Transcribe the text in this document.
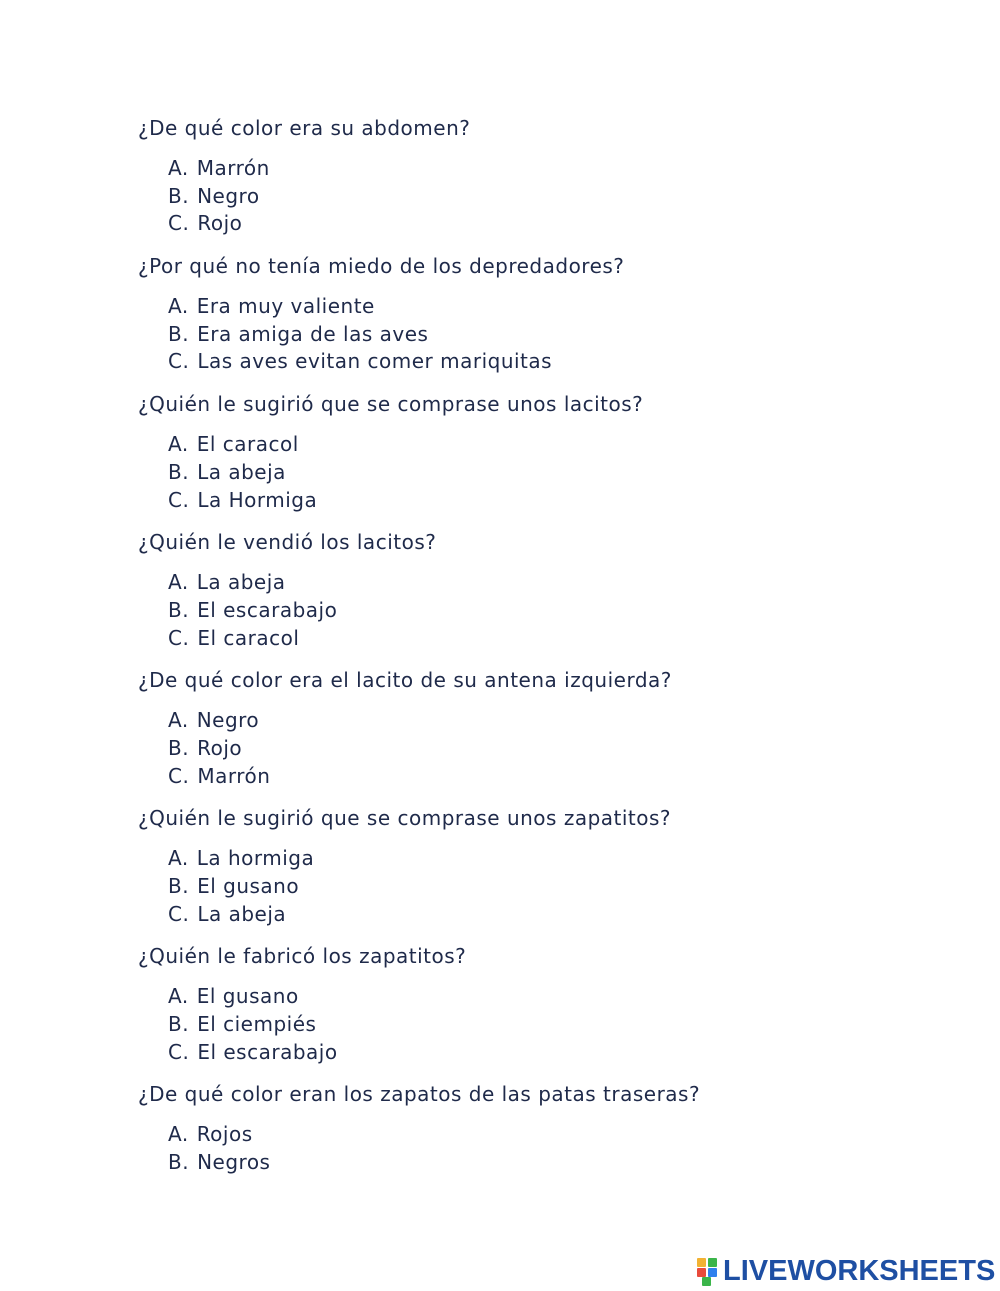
¿De qué color era su abdomen?
A. Marrón
B. Negro
C. Rojo
¿Por qué no tenía miedo de los depredadores?
A. Era muy valiente
B. Era amiga de las aves
C. Las aves evitan comer mariquitas
¿Quién le sugirió que se comprase unos lacitos?
A. El caracol
B. La abeja
C. La Hormiga
¿Quién le vendió los lacitos?
A. La abeja
B. El escarabajo
C. El caracol
¿De qué color era el lacito de su antena izquierda?
A. Negro
B. Rojo
C. Marrón
¿Quién le sugirió que se comprase unos zapatitos?
A. La hormiga
B. El gusano
C. La abeja
¿Quién le fabricó los zapatitos?
A. El gusano
B. El ciempiés
C. El escarabajo
¿De qué color eran los zapatos de las patas traseras?
A. Rojos
B. Negros
LIVEWORKSHEETS
